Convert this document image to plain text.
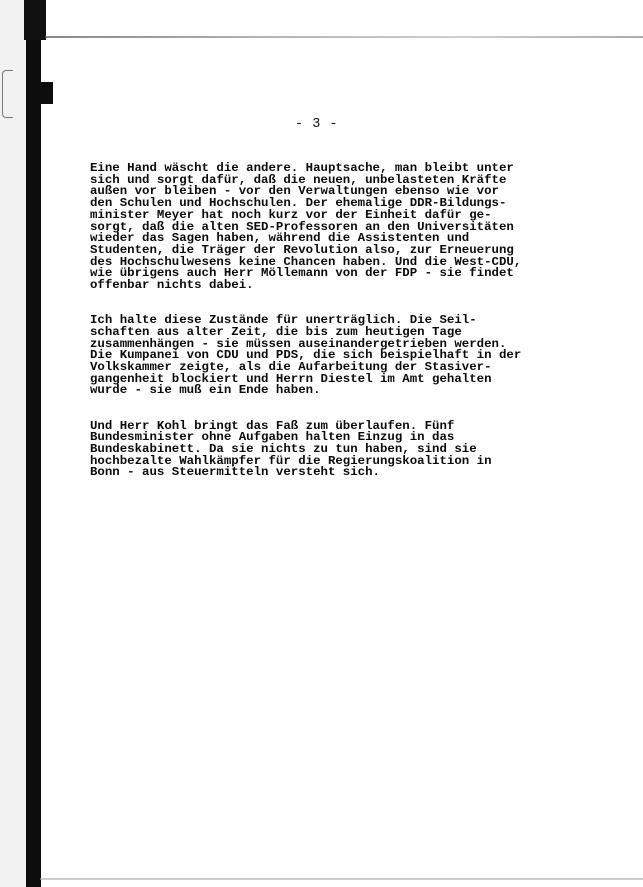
- 3 -
Eine Hand wäscht die andere. Hauptsache, man bleibt unter
sich und sorgt dafür, daß die neuen, unbelasteten Kräfte
außen vor bleiben - vor den Verwaltungen ebenso wie vor
den Schulen und Hochschulen. Der ehemalige DDR-Bildungs-
minister Meyer hat noch kurz vor der Einheit dafür ge-
sorgt, daß die alten SED-Professoren an den Universitäten
wieder das Sagen haben, während die Assistenten und
Studenten, die Träger der Revolution also, zur Erneuerung
des Hochschulwesens keine Chancen haben. Und die West-CDU,
wie übrigens auch Herr Möllemann von der FDP - sie findet
offenbar nichts dabei.
Ich halte diese Zustände für unerträglich. Die Seil-
schaften aus alter Zeit, die bis zum heutigen Tage
zusammenhängen - sie müssen auseinandergetrieben werden.
Die Kumpanei von CDU und PDS, die sich beispielhaft in der
Volkskammer zeigte, als die Aufarbeitung der Stasiver-
gangenheit blockiert und Herrn Diestel im Amt gehalten
wurde - sie muß ein Ende haben.
Und Herr Kohl bringt das Faß zum überlaufen. Fünf
Bundesminister ohne Aufgaben halten Einzug in das
Bundeskabinett. Da sie nichts zu tun haben, sind sie
hochbezalte Wahlkämpfer für die Regierungskoalition in
Bonn - aus Steuermitteln versteht sich.
